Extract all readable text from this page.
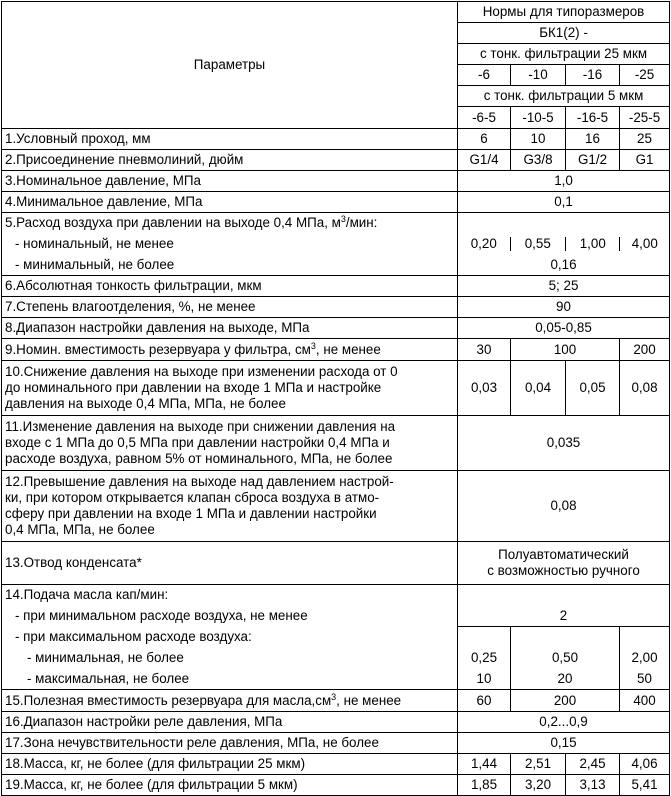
Параметры	Нормы для типоразмеров			
	БК1(2) -			
	с тонк. фильтрации 25 мкм			
	-6	-10	-16	-25
	с тонк. фильтрации 5 мкм			
	-6-5	-10-5	-16-5	-25-5
1.Условный проход, мм	6	10	16	25
2.Присоединение пневмолиний, дюйм	G1/4	G3/8	G1/2	G1
3.Номинальное давление, МПа	1,0			
4.Минимальное давление, МПа	0,1			
5.Расход воздуха при давлении на выходе 0,4 МПа, $м^3$/мин:				
- номинальный, не менее	0,20 0,55 1,00 4,00			

- минимальный, не более	0,16			
6.Абсолютная тонкость фильтрации, мкм	5; 25			
7.Степень влагоотделения, %, не менее	90			
8.Диапазон настройки давления на выходе, МПа	0,05-0,85			
9.Номин. вместимость резервуара у фильтра, $см^3$, не менее	30	100		200

10.Снижение давления на выходе при изменении расхода от 0
до номинального при давлении на входе 1 МПа и настройке
давления на выходе 0,4 МПа, МПа, не более	0,03	0,04	0,05	0,08

11.Изменение давления на выходе при снижении давления на
входе с 1 МПа до 0,5 МПа при давлении настройки 0,4 МПа и
расходе воздуха, равном 5% от номинального, МПа, не более	0,035			

12.Превышение давления на выходе над давлением настрой-
ки, при котором открывается клапан сброса воздуха в атмо-
сферу при давлении на входе 1 МПа и давлении настройки
0,4 МПа, МПа, не более	0,08			
13.Отвод конденсата*	Полуавтоматический
с возможностью ручного			

14.Подача масла кап/мин:				
- при минимальном расходе воздуха, не менее	2			
- при максимальном расходе воздуха:				
- минимальная, не более	0,25	0,50		2,00
- максимальная, не более	10	20		50
15.Полезная вместимость резервуара для $масла,см^3$, не менее	60	200		400
16.Диапазон настройки реле давления, МПа	0,2...0,9			
17.Зона нечувствительности реле давления, МПа, не более	0,15			
18.Масса, кг, не более (для фильтрации 25 мкм)	1,44	2,51	2,45	4,06
19.Масса, кг, не более (для фильтрации 5 мкм)	1,85	3,20	3,13	5,41
